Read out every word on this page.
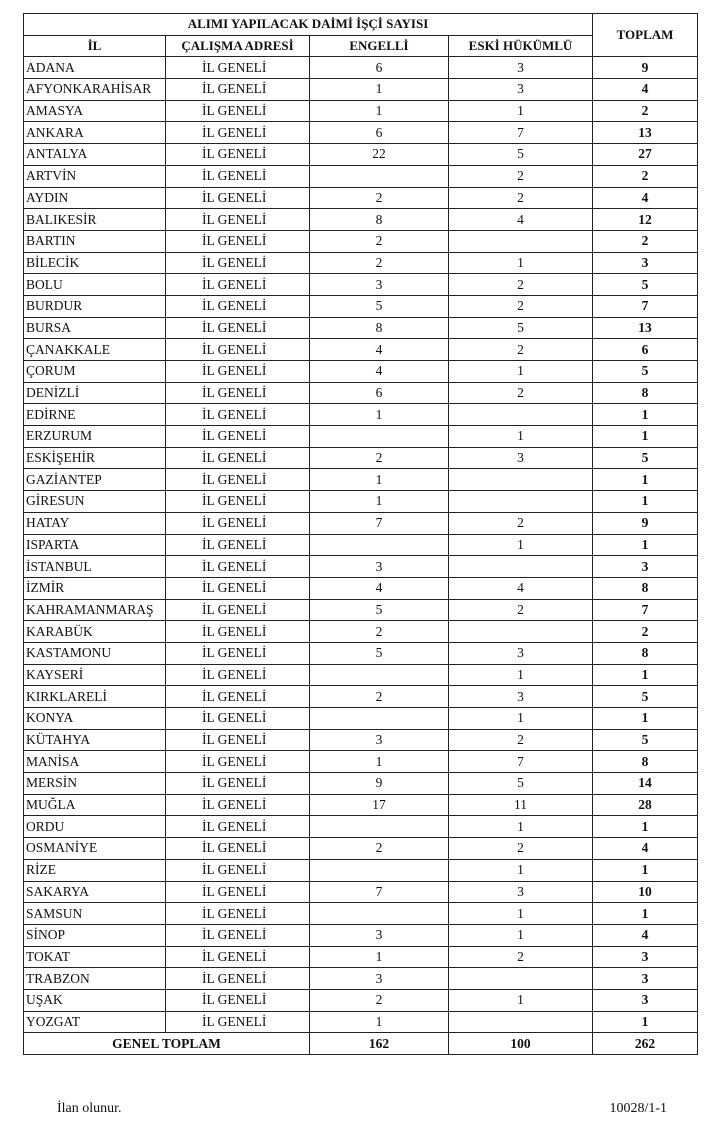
ALIMI YAPILACAK DAİMİ İŞÇİ SAYISI				TOPLAM
İL	ÇALIŞMA ADRESİ	ENGELLİ	ESKİ HÜKÜMLÜ	
ADANA	İL GENELİ	6	3	9
AFYONKARAHİSAR	İL GENELİ	1	3	4
AMASYA	İL GENELİ	1	1	2
ANKARA	İL GENELİ	6	7	13
ANTALYA	İL GENELİ	22	5	27
ARTVİN	İL GENELİ		2	2
AYDIN	İL GENELİ	2	2	4
BALIKESİR	İL GENELİ	8	4	12
BARTIN	İL GENELİ	2		2
BİLECİK	İL GENELİ	2	1	3
BOLU	İL GENELİ	3	2	5
BURDUR	İL GENELİ	5	2	7
BURSA	İL GENELİ	8	5	13
ÇANAKKALE	İL GENELİ	4	2	6
ÇORUM	İL GENELİ	4	1	5
DENİZLİ	İL GENELİ	6	2	8
EDİRNE	İL GENELİ	1		1
ERZURUM	İL GENELİ		1	1
ESKİŞEHİR	İL GENELİ	2	3	5
GAZİANTEP	İL GENELİ	1		1
GİRESUN	İL GENELİ	1		1
HATAY	İL GENELİ	7	2	9
ISPARTA	İL GENELİ		1	1
İSTANBUL	İL GENELİ	3		3
İZMİR	İL GENELİ	4	4	8
KAHRAMANMARAŞ	İL GENELİ	5	2	7
KARABÜK	İL GENELİ	2		2
KASTAMONU	İL GENELİ	5	3	8
KAYSERİ	İL GENELİ		1	1
KIRKLARELİ	İL GENELİ	2	3	5
KONYA	İL GENELİ		1	1
KÜTAHYA	İL GENELİ	3	2	5
MANİSA	İL GENELİ	1	7	8
MERSİN	İL GENELİ	9	5	14
MUĞLA	İL GENELİ	17	11	28
ORDU	İL GENELİ		1	1
OSMANİYE	İL GENELİ	2	2	4
RİZE	İL GENELİ		1	1
SAKARYA	İL GENELİ	7	3	10
SAMSUN	İL GENELİ		1	1
SİNOP	İL GENELİ	3	1	4
TOKAT	İL GENELİ	1	2	3
TRABZON	İL GENELİ	3		3
UŞAK	İL GENELİ	2	1	3
YOZGAT	İL GENELİ	1		1
GENEL TOPLAM		162	100	262
İlan olunur.	10028/1-1
